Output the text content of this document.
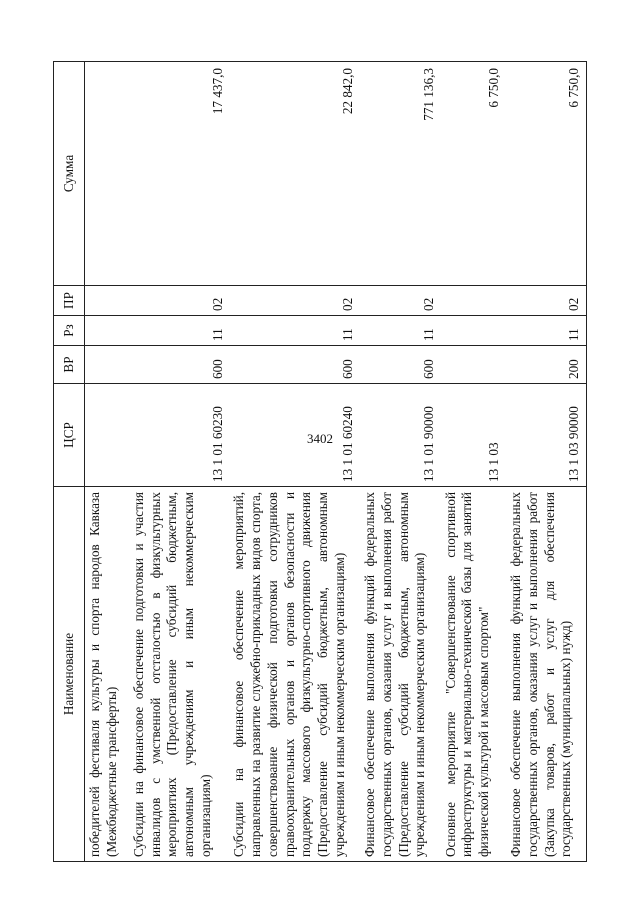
3402
Наименование	ЦСР	ВР	Рз	ПР	Сумма
победителей фестиваля культуры и спорта народов Кавказа (Межбюджетные трансферты)					
Субсидии на финансовое обеспечение подготовки и участия инвалидов с умственной отсталостью в физкультурных мероприятиях (Предоставление субсидий бюджетным, автономным учреждениям и иным некоммерческим организациям)	13 1 01 60230	600	11	02	17 437,0
Субсидии на финансовое обеспечение мероприятий, направленных на развитие служебно-прикладных видов спорта, совершенствование физической подготовки сотрудников правоохранительных органов и органов безопасности и поддержку массового физкультурно-спортивного движения (Предоставление субсидий бюджетным, автономным учреждениям и иным некоммерческим организациям)	13 1 01 60240	600	11	02	22 842,0
Финансовое обеспечение выполнения функций федеральных государственных органов, оказания услуг и выполнения работ (Предоставление субсидий бюджетным, автономным учреждениям и иным некоммерческим организациям)	13 1 01 90000	600	11	02	771 136,3
Основное мероприятие "Совершенствование спортивной инфраструктуры и материально-технической базы для занятий физической культурой и массовым спортом"	13 1 03				6 750,0
Финансовое обеспечение выполнения функций федеральных государственных органов, оказания услуг и выполнения работ (Закупка товаров, работ и услуг для обеспечения государственных (муниципальных) нужд)	13 1 03 90000	200	11	02	6 750,0
